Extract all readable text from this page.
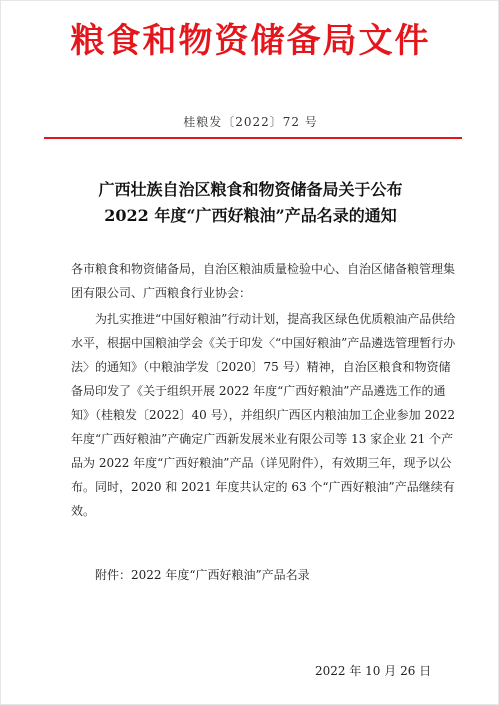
粮食和物资储备局文件
桂粮发〔2022〕72 号
广西壮族自治区粮食和物资储备局关于公布
2022 年度“广西好粮油”产品名录的通知
各市粮食和物资储备局，自治区粮油质量检验中心、自治区储备粮管理集团有限公司、广西粮食行业协会：

为扎实推进“中国好粮油”行动计划，提高我区绿色优质粮油产品供给水平，根据中国粮油学会《关于印发〈“中国好粮油”产品遴选管理暂行办法〉的通知》（中粮油学发〔2020〕75 号）精神，自治区粮食和物资储备局印发了《关于组织开展 2022 年度“广西好粮油”产品遴选工作的通知》（桂粮发〔2022〕40 号），并组织广西区内粮油加工企业参加 2022 年度“广西好粮油”产确定广西新发展米业有限公司等 13 家企业 21 个产品为 2022 年度“广西好粮油”产品（详见附件），有效期三年，现予以公布。同时，2020 和 2021 年度共认定的 63 个“广西好粮油”产品继续有效。

附件：2022 年度“广西好粮油”产品名录
2022 年 10 月 26 日
